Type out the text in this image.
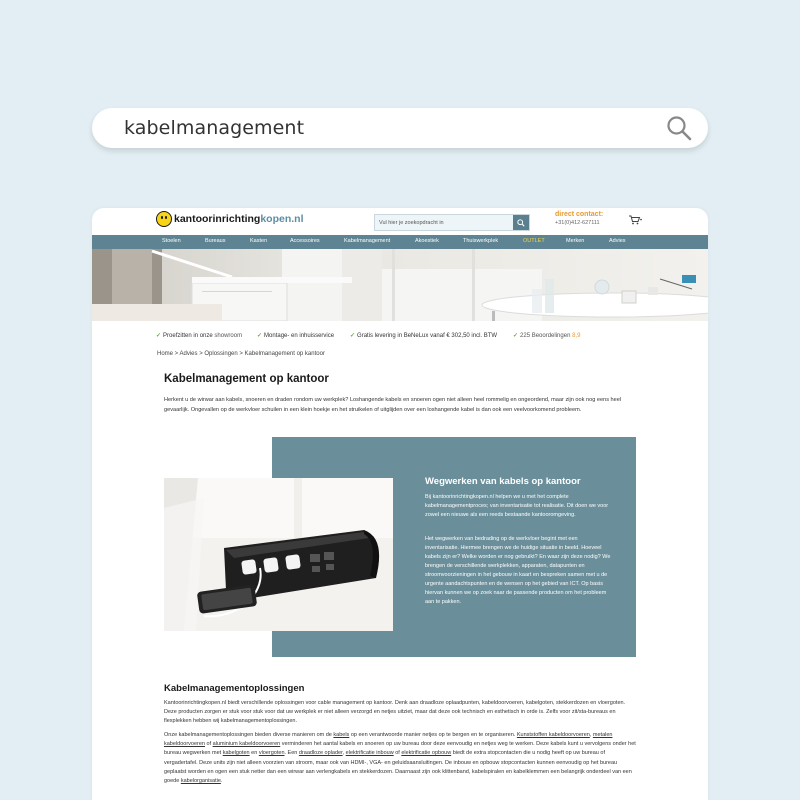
kabelmanagement
kantoorinrichtingkopen.nl	Vul hier je zoekopdracht in
direct contact:
+31(0)412-627111
Stoelen	Bureaus	Kasten	Accessoires	Kabelmanagement	Akoestiek	Thuiswerkplek	OUTLET	Merken	Advies
✓ Proefzitten in onze showroom ✓ Montage- en inhuisservice	✓ Gratis levering in BeNeLux vanaf € 302,50 incl. BTW	✓ 225 Beoordelingen 8,9
Home > Advies > Oplossingen > Kabelmanagement op kantoor
Kabelmanagement op kantoor
Herkent u de wirwar aan kabels, snoeren en draden rondom uw werkplek? Loshangende kabels en snoeren ogen niet alleen heel rommelig en ongeordend, maar zijn ook nog eens heel gevaarlijk. Ongevallen op de werkvloer schuilen in een klein hoekje en het struikelen of uitglijden over een loshangende kabel is dan ook een veelvoorkomend probleem.
Wegwerken van kabels op kantoor
Bij kantoorinrichtingkopen.nl helpen we u met het complete kabelmanagementproces; van inventarisatie tot realisatie. Dit doen we voor zowel een nieuwe als een reeds bestaande kantooromgeving.
Het wegwerken van bedrading op de werkvloer begint met een inventarisatie. Hiermee brengen we de huidige situatie in beeld. Hoeveel kabels zijn er? Welke worden er nog gebruikt? En waar zijn deze nodig? We brengen de verschillende werkplekken, apparaten, datapunten en stroomvoorzieningen in het gebouw in kaart en bespreken samen met u de urgente aandachtspunten en de wensen op het gebied van ICT. Op basis hiervan kunnen we op zoek naar de passende producten om het probleem aan te pakken.
Kabelmanagementoplossingen
Kantoorinrichtingkopen.nl biedt verschillende oplossingen voor cable management op kantoor. Denk aan draadloze oplaadpunten, kabeldoorvoeren, kabelgoten, stekkerdozen en vloergoten. Deze producten zorgen er stuk voor stuk voor dat uw werkplek er niet alleen verzorgd en netjes uitziet, maar dat deze ook technisch en esthetisch in orde is. Zelfs voor zit/sta-bureaus en flexplekken hebben wij kabelmanagementoplossingen.
Onze kabelmanagementoplossingen bieden diverse manieren om de kabels op een verantwoorde manier netjes op te bergen en te organiseren. Kunststoffen kabeldoorvoeren, metalen kabeldoorvoeren of aluminium kabeldoorvoeren verminderen het aantal kabels en snoeren op uw bureau door deze eenvoudig en netjes weg te werken. Deze kabels kunt u vervolgens onder het bureau wegwerken met kabelgoten en vloergoten. Een draadloze oplader, elektrificatie inbouw of elektrificatie opbouw biedt de extra stopcontacten die u nodig heeft op uw bureau of vergadertafel. Deze units zijn niet alleen voorzien van stroom, maar ook van HDMI-, VGA- en geluidsaansluitingen. De inbouw en opbouw stopcontacten kunnen eenvoudig op het bureau geplaatst worden en ogen een stuk netter dan een wirwar aan verlengkabels en stekkerdozen. Daarnaast zijn ook klittenband, kabelspiralen en kabelklemmen een belangrijk onderdeel van een goede kabelorganisatie.
